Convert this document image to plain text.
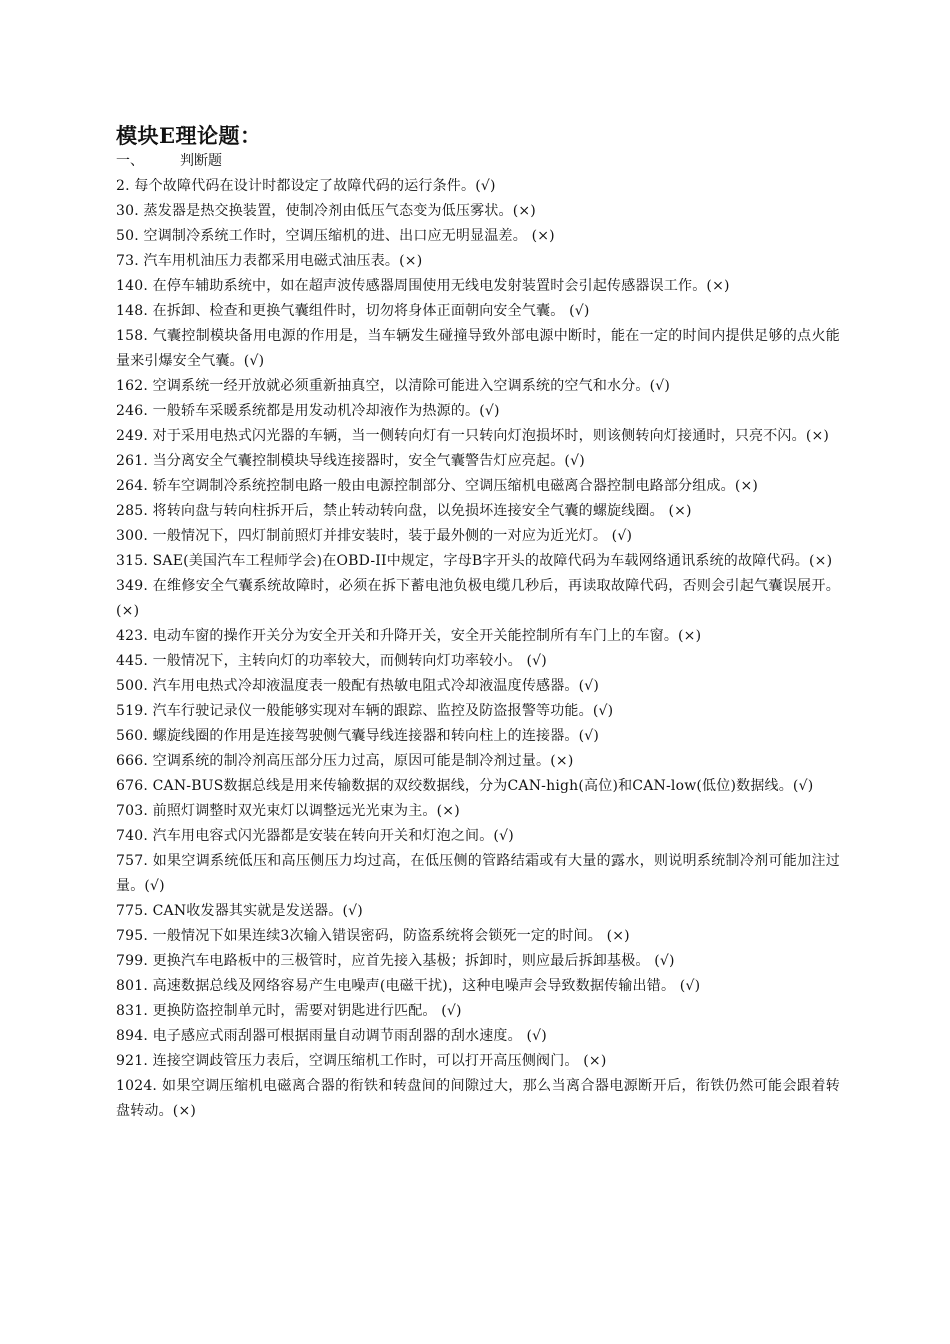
模块E理论题：

一、	判断题

2. 每个故障代码在设计时都设定了故障代码的运行条件。(√)
30. 蒸发器是热交换装置，使制冷剂由低压气态变为低压雾状。(×)
50. 空调制冷系统工作时，空调压缩机的进、出口应无明显温差。 (×)
73. 汽车用机油压力表都采用电磁式油压表。(×)
140. 在停车辅助系统中，如在超声波传感器周围使用无线电发射装置时会引起传感器误工作。(×)
148. 在拆卸、检查和更换气囊组件时，切勿将身体正面朝向安全气囊。 (√)
158. 气囊控制模块备用电源的作用是，当车辆发生碰撞导致外部电源中断时，能在一定的时间内提供足够的点火能量来引爆安全气囊。(√)
162. 空调系统一经开放就必须重新抽真空，以清除可能进入空调系统的空气和水分。(√)
246. 一般轿车采暖系统都是用发动机冷却液作为热源的。(√)
249. 对于采用电热式闪光器的车辆，当一侧转向灯有一只转向灯泡损坏时，则该侧转向灯接通时，只亮不闪。(×)
261. 当分离安全气囊控制模块导线连接器时，安全气囊警告灯应亮起。(√)
264. 轿车空调制冷系统控制电路一般由电源控制部分、空调压缩机电磁离合器控制电路部分组成。(×)
285. 将转向盘与转向柱拆开后，禁止转动转向盘，以免损坏连接安全气囊的螺旋线圈。 (×)
300. 一般情况下，四灯制前照灯并排安装时，装于最外侧的一对应为近光灯。 (√)
315. SAE(美国汽车工程师学会)在OBD-II中规定，字母B字开头的故障代码为车载网络通讯系统的故障代码。(×)
349. 在维修安全气囊系统故障时，必须在拆下蓄电池负极电缆几秒后，再读取故障代码，否则会引起气囊误展开。(×)
423. 电动车窗的操作开关分为安全开关和升降开关，安全开关能控制所有车门上的车窗。(×)
445. 一般情况下，主转向灯的功率较大，而侧转向灯功率较小。 (√)
500. 汽车用电热式冷却液温度表一般配有热敏电阻式冷却液温度传感器。(√)
519. 汽车行驶记录仪一般能够实现对车辆的跟踪、监控及防盗报警等功能。(√)
560. 螺旋线圈的作用是连接驾驶侧气囊导线连接器和转向柱上的连接器。(√)
666. 空调系统的制冷剂高压部分压力过高，原因可能是制冷剂过量。(×)
676. CAN-BUS数据总线是用来传输数据的双绞数据线，分为CAN-high(高位)和CAN-low(低位)数据线。(√)
703. 前照灯调整时双光束灯以调整远光光束为主。(×)
740. 汽车用电容式闪光器都是安装在转向开关和灯泡之间。(√)
757. 如果空调系统低压和高压侧压力均过高，在低压侧的管路结霜或有大量的露水，则说明系统制冷剂可能加注过量。(√)
775. CAN收发器其实就是发送器。(√)
795. 一般情况下如果连续3次输入错误密码，防盗系统将会锁死一定的时间。 (×)
799. 更换汽车电路板中的三极管时，应首先接入基极；拆卸时，则应最后拆卸基极。 (√)
801. 高速数据总线及网络容易产生电噪声(电磁干扰)，这种电噪声会导致数据传输出错。 (√)
831. 更换防盗控制单元时，需要对钥匙进行匹配。 (√)
894. 电子感应式雨刮器可根据雨量自动调节雨刮器的刮水速度。 (√)
921. 连接空调歧管压力表后，空调压缩机工作时，可以打开高压侧阀门。 (×)
1024. 如果空调压缩机电磁离合器的衔铁和转盘间的间隙过大，那么当离合器电源断开后，衔铁仍然可能会跟着转盘转动。(×)
